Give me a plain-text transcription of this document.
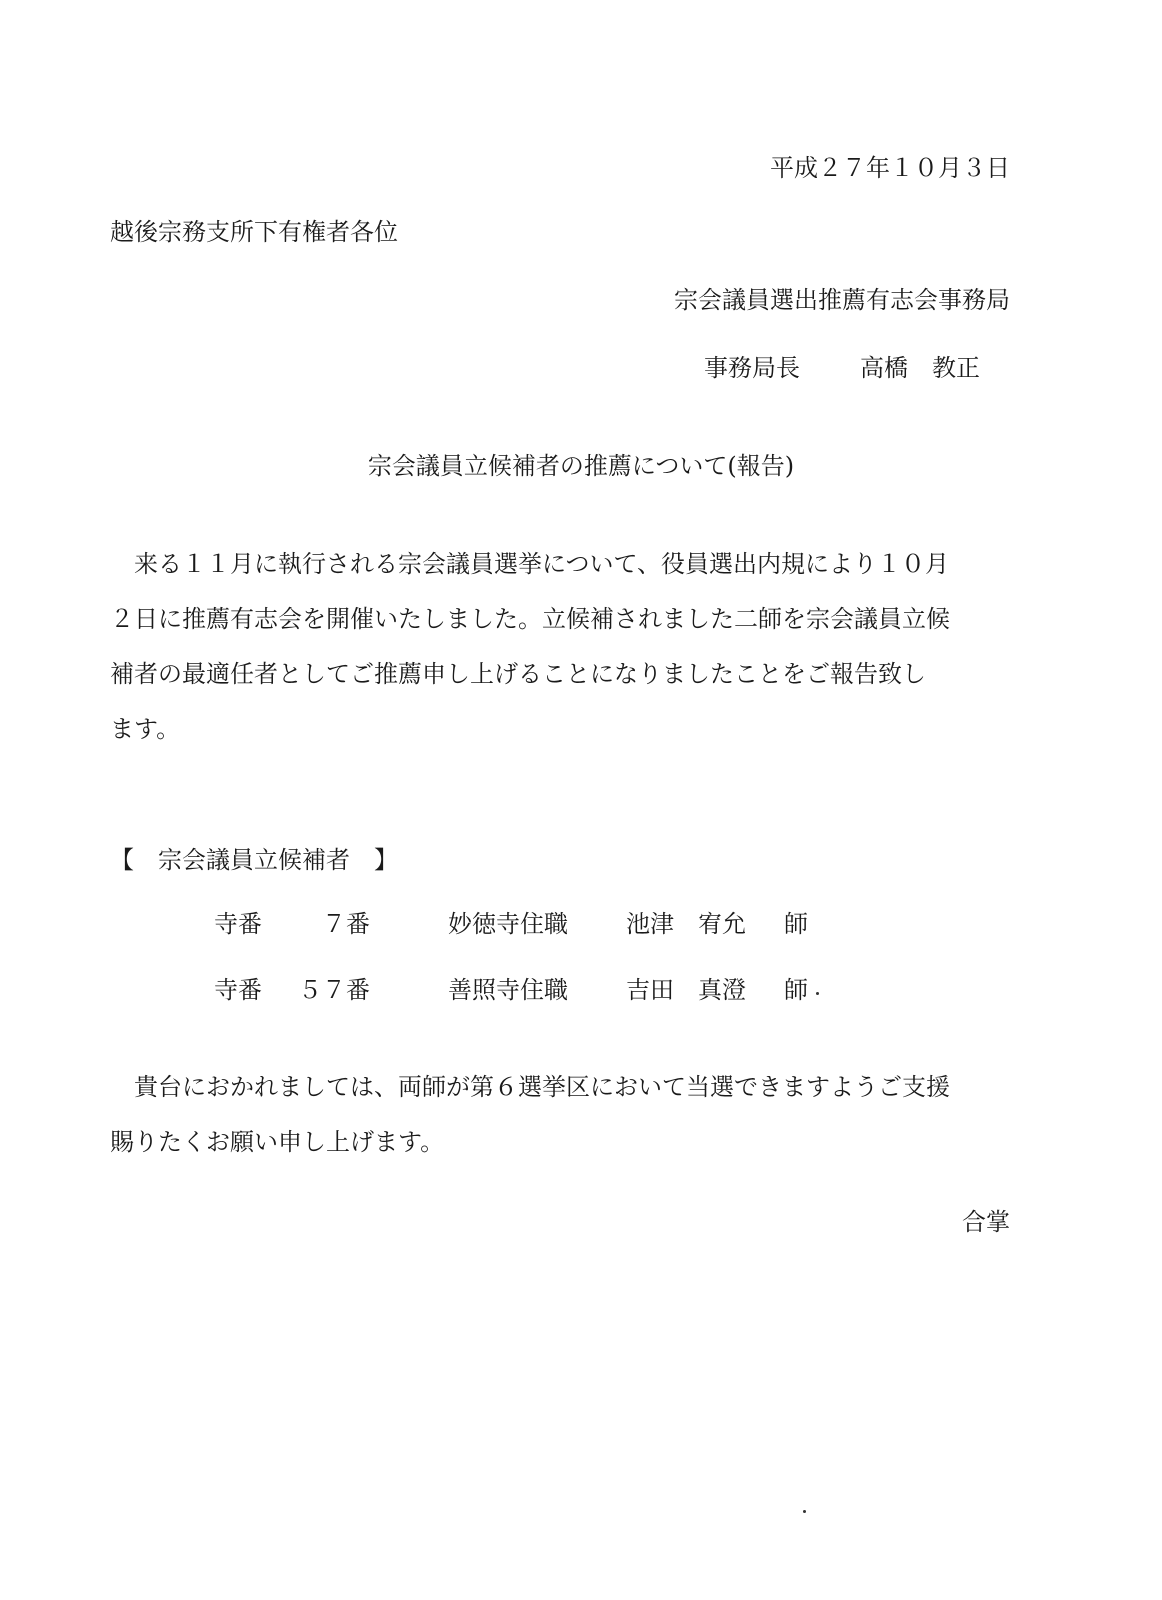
平成２７年１０月３日
越後宗務支所下有権者各位
宗会議員選出推薦有志会事務局
事務局長	高橋　教正
宗会議員立候補者の推薦について(報告)
　来る１１月に執行される宗会議員選挙について、役員選出内規により１０月
２日に推薦有志会を開催いたしました。立候補されました二師を宗会議員立候
補者の最適任者としてご推薦申し上げることになりましたことをご報告致し
ます。
【　宗会議員立候補者　】
寺番	７番	妙徳寺住職 池津　宥允 師
寺番 ５７番	善照寺住職 吉田　真澄 師
　貴台におかれましては、両師が第６選挙区において当選できますようご支援
賜りたくお願い申し上げます。
合掌
